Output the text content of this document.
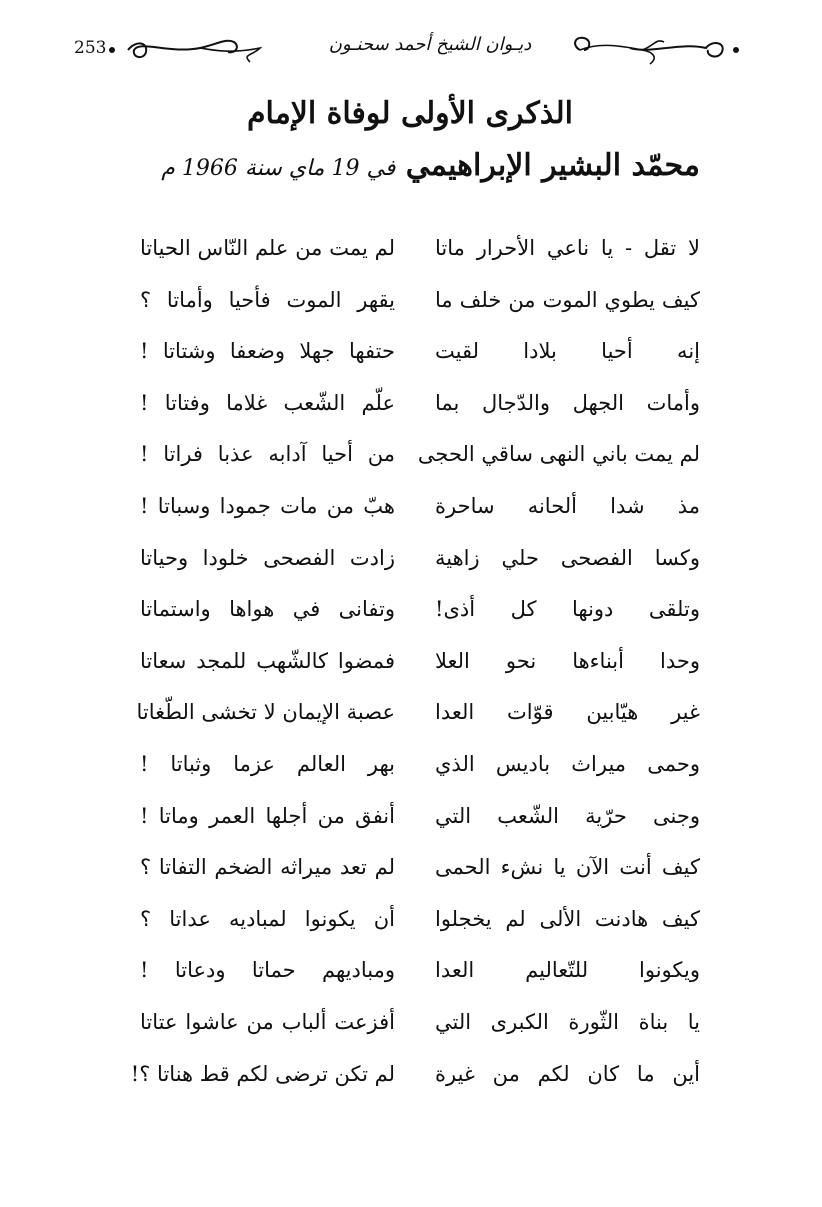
253	ديـوان الشيخ أحمد سحنـون
الذكرى الأولى لوفاة الإمام
محمّد البشير الإبراهيمي في 19 ماي سنة 1966 م
لا تقل - يا ناعي الأحرار ماتا
لم يمت من علم النّاس الحياتا
كيف يطوي الموت من خلف ما
يقهر الموت فأحيا وأماتا ؟
إنه أحيا بلادا لقيت
حتفها جهلا وضعفا وشتاتا !
وأمات الجهل والدّجال بما
علّم الشّعب غلاما وفتاتا !
لم يمت باني النهى ساقي الحجى
من أحيا آدابه عذبا فراتا !
مذ شدا ألحانه ساحرة
هبّ من مات جمودا وسباتا !
وكسا الفصحى حلي زاهية
زادت الفصحى خلودا وحياتا
وتلقى دونها كل أذى!
وتفانى في هواها واستماتا
وحدا أبناءها نحو العلا
فمضوا كالشّهب للمجد سعاتا
غير هيّابين قوّات العدا
عصبة الإيمان لا تخشى الطّغاتا
وحمى ميراث باديس الذي
بهر العالم عزما وثباتا !
وجنى حرّية الشّعب التي
أنفق من أجلها العمر وماتا !
كيف أنت الآن يا نشء الحمى
لم تعد ميراثه الضخم التفاتا ؟
كيف هادنت الألى لم يخجلوا
أن يكونوا لمباديه عداتا ؟
ويكونوا للتّعاليم العدا
ومباديهم حماتا ودعاتا !
يا بناة الثّورة الكبرى التي
أفزعت ألباب من عاشوا عتاتا
أين ما كان لكم من غيرة
لم تكن ترضى لكم قط هناتا ؟!
